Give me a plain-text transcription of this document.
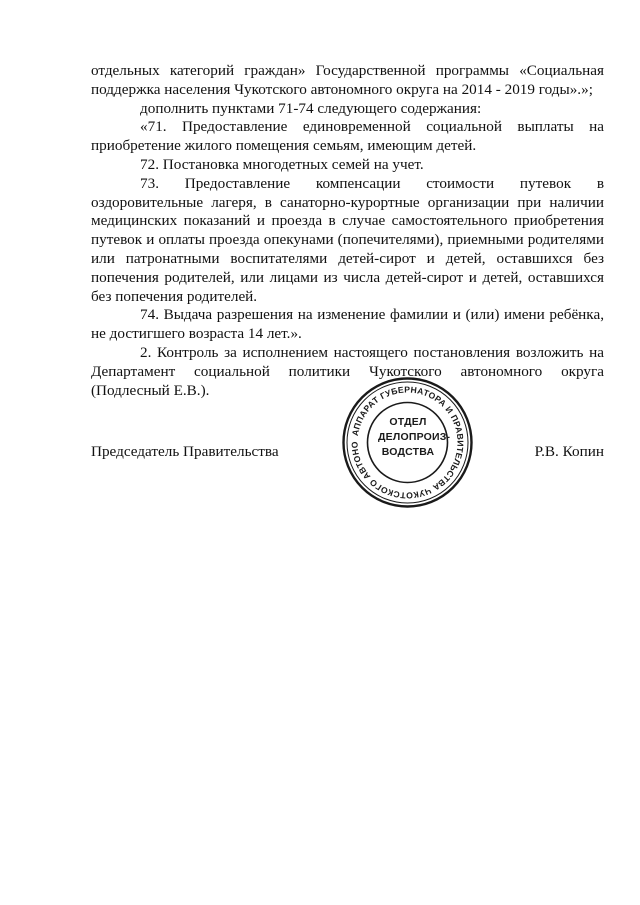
отдельных категорий граждан» Государственной программы «Социальная поддержка населения Чукотского автономного округа на 2014 - 2019 годы».»;

дополнить пунктами 71-74 следующего содержания:

«71. Предоставление единовременной социальной выплаты на приобретение жилого помещения семьям, имеющим детей.

72. Постановка многодетных семей на учет.

73. Предоставление компенсации стоимости путевок в оздоровительные лагеря, в санаторно-курортные организации при наличии медицинских показаний и проезда в случае самостоятельного приобретения путевок и оплаты проезда опекунами (попечителями), приемными родителями или патронатными воспитателями детей-сирот и детей, оставшихся без попечения родителей, или лицами из числа детей-сирот и детей, оставшихся без попечения родителей.

74. Выдача разрешения на изменение фамилии и (или) имени ребёнка, не достигшего возраста 14 лет.».

2. Контроль за исполнением настоящего постановления возложить на Департамент социальной политики Чукотского автономного округа (Подлесный Е.В.).

Председатель Правительства	Р.В. Копин
АППАРАТ ГУБЕРНАТОРА И ПРАВИТЕЛЬСТВА ЧУКОТСКОГО АВТОНО
ОТДЕЛ
ДЕЛОПРОИЗ-
ВОДСТВА
